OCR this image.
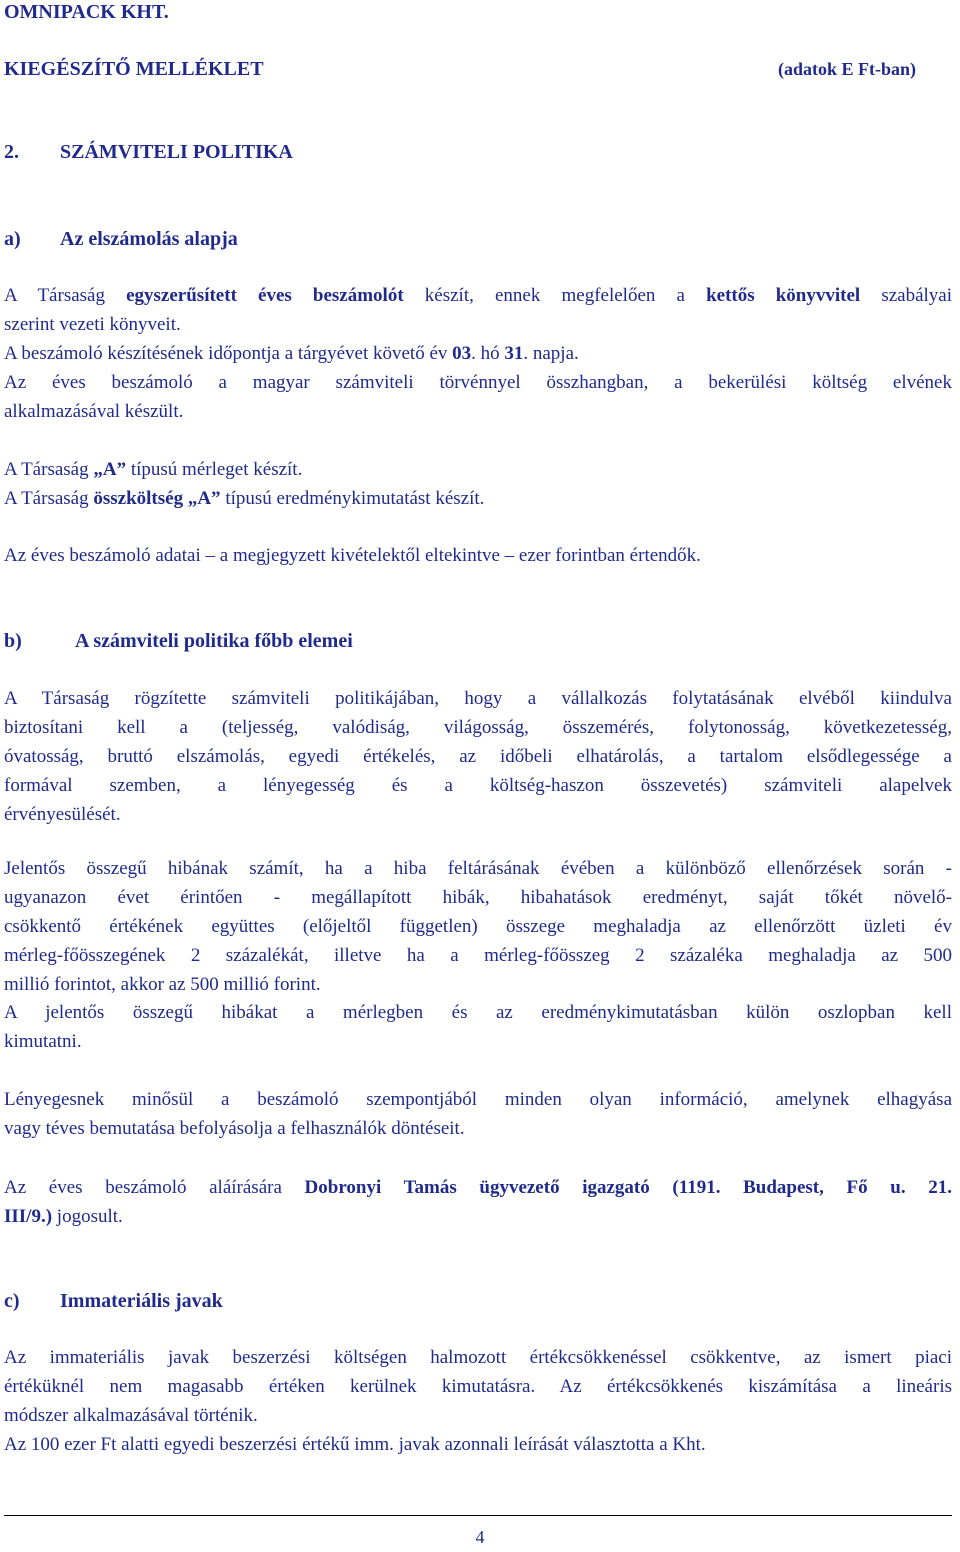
OMNIPACK KHT.
KIEGÉSZÍTŐ MELLÉKLET	(adatok E Ft-ban)
2. SZÁMVITELI POLITIKA
a) Az elszámolás alapja
A Társaság egyszerűsített éves beszámolót készít, ennek megfelelően a kettős könyvvitel szabályai
szerint vezeti könyveit.
A beszámoló készítésének időpontja a tárgyévet követő év 03. hó 31. napja.
Az éves beszámoló a magyar számviteli törvénnyel összhangban, a bekerülési költség elvének
alkalmazásával készült.
A Társaság „A” típusú mérleget készít.
A Társaság összköltség „A” típusú eredménykimutatást készít.
Az éves beszámoló adatai – a megjegyzett kivételektől eltekintve – ezer forintban értendők.
b)	A számviteli politika főbb elemei
A Társaság rögzítette számviteli politikájában, hogy a vállalkozás folytatásának elvéből kiindulva
biztosítani kell a (teljesség, valódiság, világosság, összemérés, folytonosság, következetesség,
óvatosság, bruttó elszámolás, egyedi értékelés, az időbeli elhatárolás, a tartalom elsődlegessége a
formával szemben, a lényegesség és a költség-haszon összevetés) számviteli alapelvek
érvényesülését.
Jelentős összegű hibának számít, ha a hiba feltárásának évében a különböző ellenőrzések során -
ugyanazon évet érintően - megállapított hibák, hibahatások eredményt, saját tőkét növelő-
csökkentő értékének együttes (előjeltől független) összege meghaladja az ellenőrzött üzleti év
mérleg-főösszegének 2 százalékát, illetve ha a mérleg-főösszeg 2 százaléka meghaladja az 500
millió forintot, akkor az 500 millió forint.
A jelentős összegű hibákat a mérlegben és az eredménykimutatásban külön oszlopban kell
kimutatni.
Lényegesnek minősül a beszámoló szempontjából minden olyan információ, amelynek elhagyása
vagy téves bemutatása befolyásolja a felhasználók döntéseit.
Az éves beszámoló aláírására Dobronyi Tamás ügyvezető igazgató (1191. Budapest, Fő u. 21.
III/9.) jogosult.
c) Immateriális javak
Az immateriális javak beszerzési költségen halmozott értékcsökkenéssel csökkentve, az ismert piaci
értéküknél nem magasabb értéken kerülnek kimutatásra. Az értékcsökkenés kiszámítása a lineáris
módszer alkalmazásával történik.
Az 100 ezer Ft alatti egyedi beszerzési értékű imm. javak azonnali leírását választotta a Kht.
4
